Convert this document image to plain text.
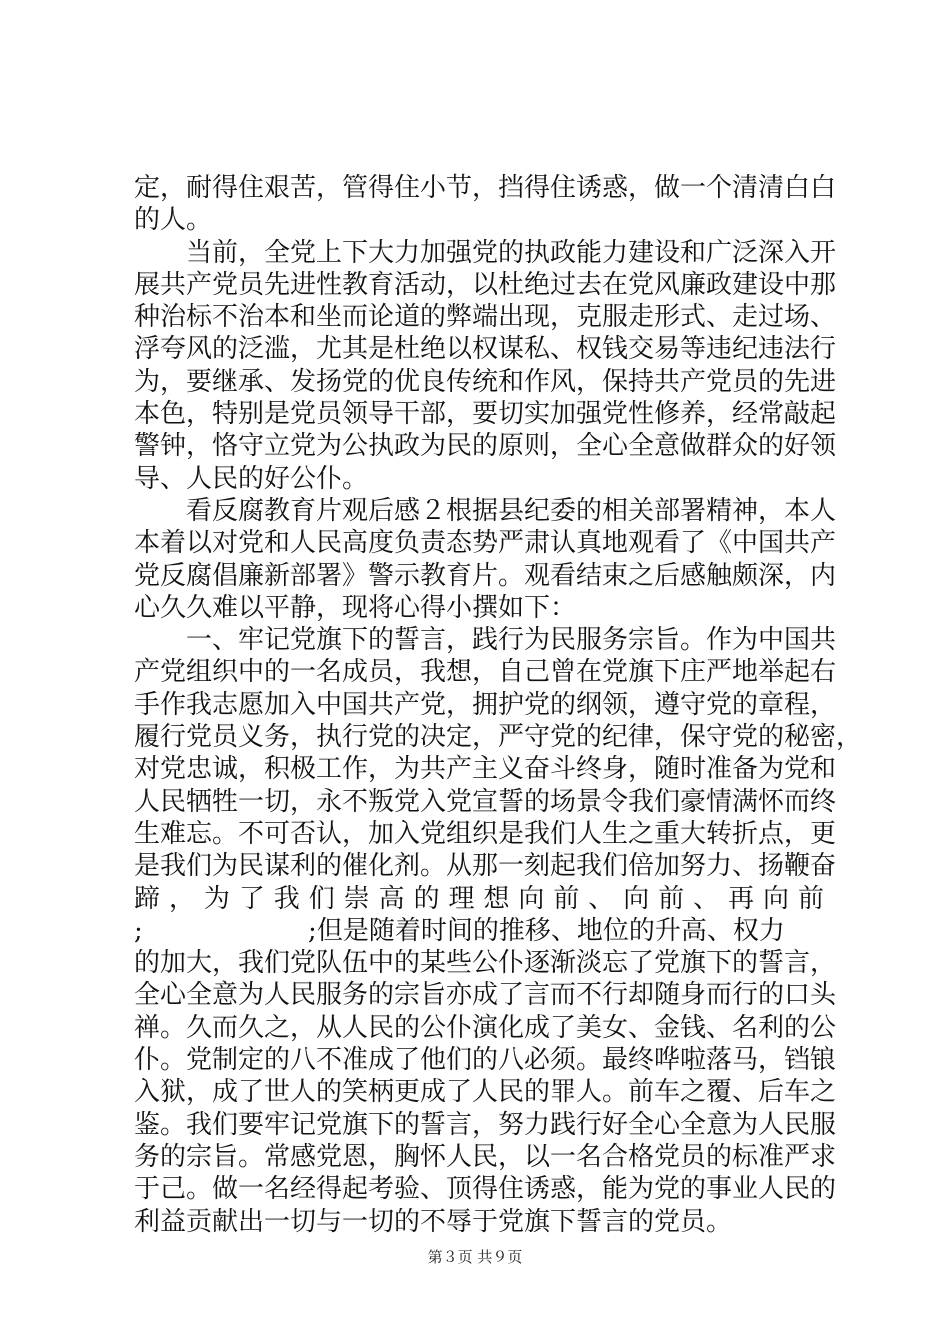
定，耐得住艰苦，管得住小节，挡得住诱惑，做一个清清白白
的人。
　　当前，全党上下大力加强党的执政能力建设和广泛深入开
展共产党员先进性教育活动，以杜绝过去在党风廉政建设中那
种治标不治本和坐而论道的弊端出现，克服走形式、走过场、
浮夸风的泛滥，尤其是杜绝以权谋私、权钱交易等违纪违法行
为，要继承、发扬党的优良传统和作风，保持共产党员的先进
本色，特别是党员领导干部，要切实加强党性修养，经常敲起
警钟，恪守立党为公执政为民的原则，全心全意做群众的好领
导、人民的好公仆。
　　看反腐教育片观后感２根据县纪委的相关部署精神，本人
本着以对党和人民高度负责态势严肃认真地观看了《中国共产
党反腐倡廉新部署》警示教育片。观看结束之后感触颇深，内
心久久难以平静，现将心得小撰如下：
　　一、牢记党旗下的誓言，践行为民服务宗旨。作为中国共
产党组织中的一名成员，我想，自己曾在党旗下庄严地举起右
手作我志愿加入中国共产党，拥护党的纲领，遵守党的章程，
履行党员义务，执行党的决定，严守党的纪律，保守党的秘密，
对党忠诚，积极工作，为共产主义奋斗终身，随时准备为党和
人民牺牲一切，永不叛党入党宣誓的场景令我们豪情满怀而终
生难忘。不可否认，加入党组织是我们人生之重大转折点，更
是我们为民谋利的催化剂。从那一刻起我们倍加努力、扬鞭奋
蹄，为了我们崇高的理想向前、向前、再向前
;                    ;但是随着时间的推移、地位的升高、权力
的加大，我们党队伍中的某些公仆逐渐淡忘了党旗下的誓言，
全心全意为人民服务的宗旨亦成了言而不行却随身而行的口头
禅。久而久之，从人民的公仆演化成了美女、金钱、名利的公
仆。党制定的八不准成了他们的八必须。最终哗啦落马，铛锒
入狱，成了世人的笑柄更成了人民的罪人。前车之覆、后车之
鉴。我们要牢记党旗下的誓言，努力践行好全心全意为人民服
务的宗旨。常感党恩，胸怀人民，以一名合格党员的标准严求
于己。做一名经得起考验、顶得住诱惑，能为党的事业人民的
利益贡献出一切与一切的不辱于党旗下誓言的党员。
第３页 共９页
